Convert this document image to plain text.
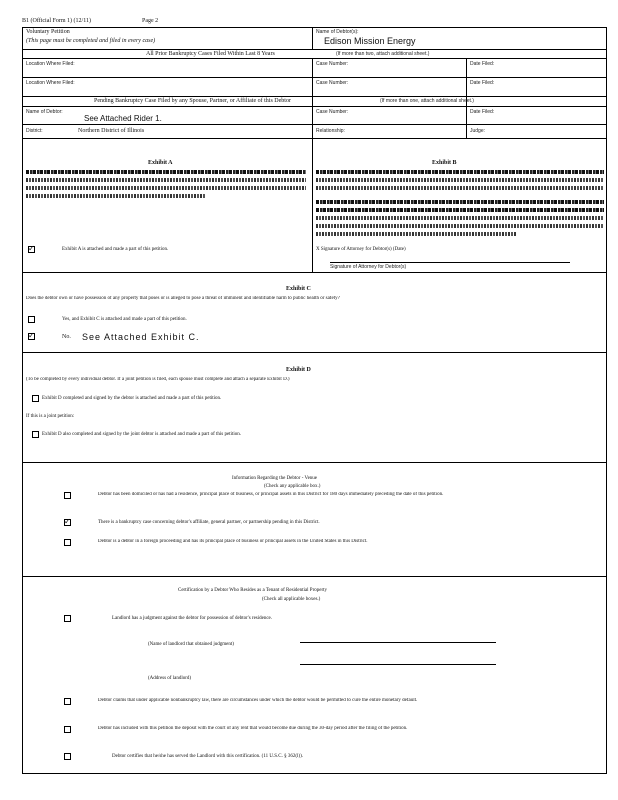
B1 (Official Form 1) (12/11)	Page 2
Voluntary Petition
(This page must be completed and filed in every case)
Name of Debtor(s):
Edison Mission Energy
All Prior Bankruptcy Cases Filed Within Last 8 Years	(If more than two, attach additional sheet.)
Location Where Filed:	Case Number:	Date Filed:
Location Where Filed:	Case Number:	Date Filed:
Pending Bankruptcy Case Filed by any Spouse, Partner, or Affiliate of this Debtor	(If more than one, attach additional sheet.)
Name of Debtor:
See Attached Rider 1.
Case Number:	Date Filed:
District:	Northern District of Illinois	Relationship:	Judge:
Exhibit A
✓	Exhibit A is attached and made a part of this petition.
Exhibit B
X Signature of Attorney for Debtor(s) (Date)
Signature of Attorney for Debtor(s)
Exhibit C
Does the debtor own or have possession of any property that poses or is alleged to pose a threat of imminent and identifiable harm to public health or safety?
Yes, and Exhibit C is attached and made a part of this petition.
✓	No. See Attached Exhibit C.
Exhibit D
(To be completed by every individual debtor. If a joint petition is filed, each spouse must complete and attach a separate Exhibit D.)
Exhibit D completed and signed by the debtor is attached and made a part of this petition.
If this is a joint petition:
Exhibit D also completed and signed by the joint debtor is attached and made a part of this petition.
Information Regarding the Debtor - Venue
(Check any applicable box.)
Debtor has been domiciled or has had a residence, principal place of business, or principal assets in this District for 180 days immediately preceding the date of this petition.
✓	There is a bankruptcy case concerning debtor's affiliate, general partner, or partnership pending in this District.
Debtor is a debtor in a foreign proceeding and has its principal place of business or principal assets in the United States in this District.
Certification by a Debtor Who Resides as a Tenant of Residential Property
(Check all applicable boxes.)
Landlord has a judgment against the debtor for possession of debtor's residence.
(Name of landlord that obtained judgment)
(Address of landlord)
Debtor claims that under applicable nonbankruptcy law, there are circumstances under which the debtor would be permitted to cure the entire monetary default.
Debtor has included with this petition the deposit with the court of any rent that would become due during the 30-day period after the filing of the petition.
Debtor certifies that he/she has served the Landlord with this certification. (11 U.S.C. § 362(l)).
